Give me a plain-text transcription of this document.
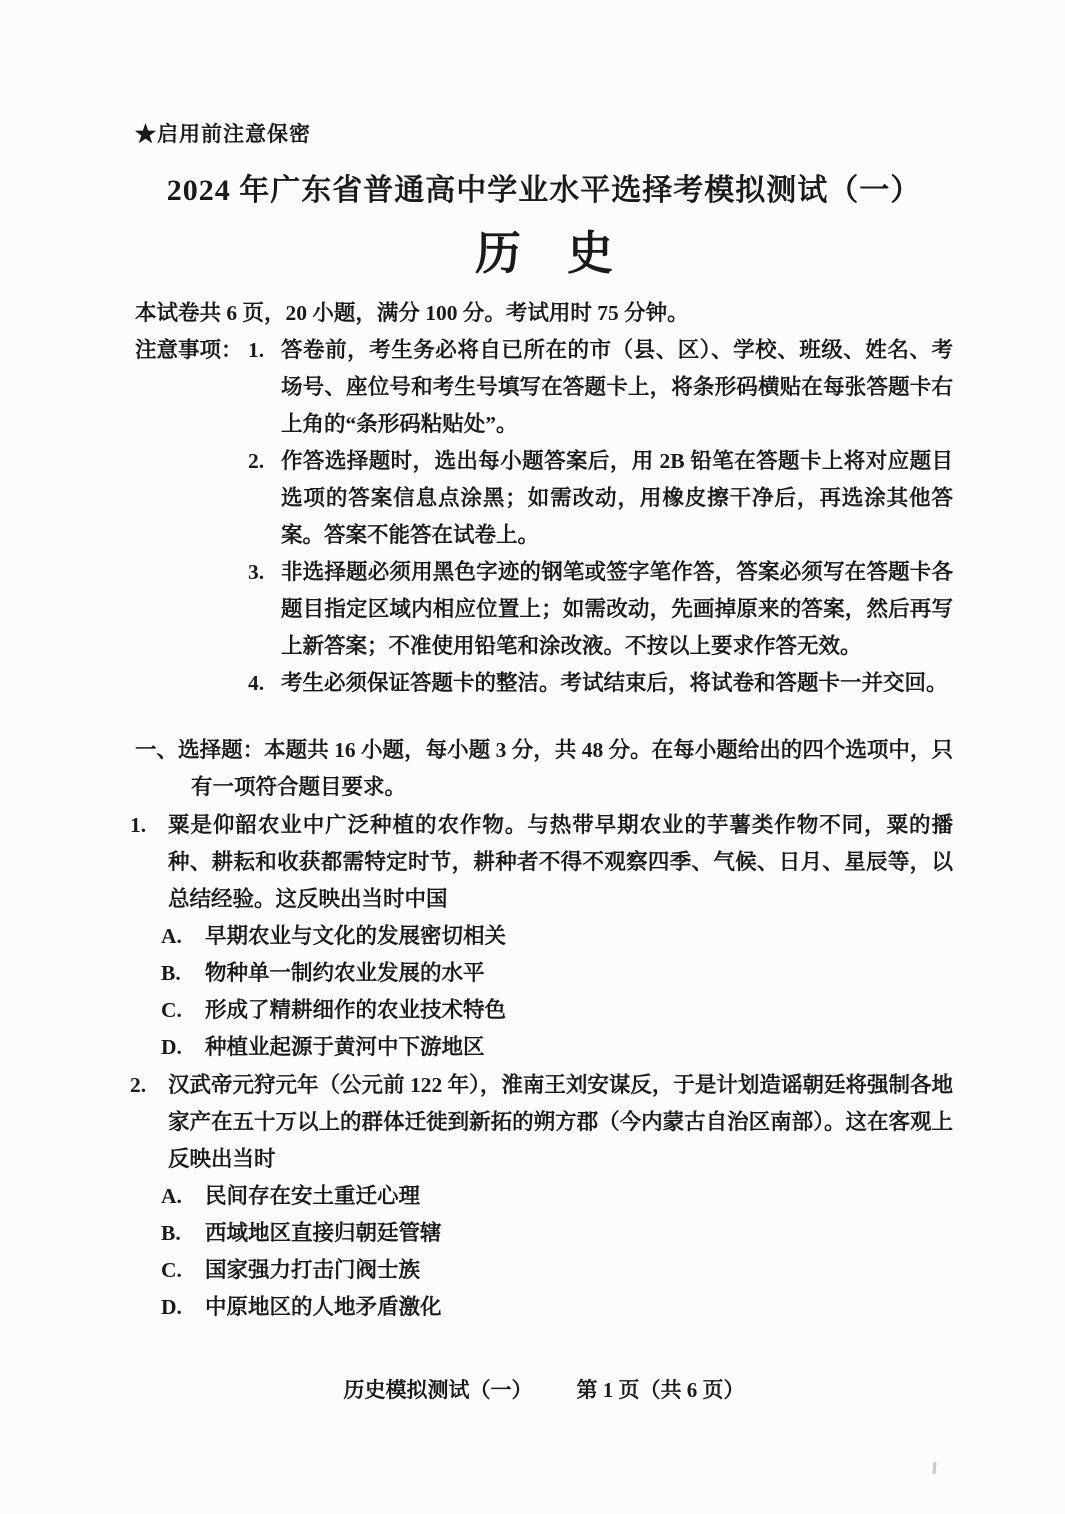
★启用前注意保密
2024 年广东省普通高中学业水平选择考模拟测试（一）
历　史
本试卷共 6 页，20 小题，满分 100 分。考试用时 75 分钟。
注意事项： 1. 答卷前，考生务必将自已所在的市（县、区）、学校、班级、姓名、考场号、座位号和考生号填写在答题卡上，将条形码横贴在每张答题卡右上角的“条形码粘贴处”。
2. 作答选择题时，选出每小题答案后，用 2B 铅笔在答题卡上将对应题目选项的答案信息点涂黑；如需改动，用橡皮擦干净后，再选涂其他答案。答案不能答在试卷上。
3. 非选择题必须用黑色字迹的钢笔或签字笔作答，答案必须写在答题卡各题目指定区域内相应位置上；如需改动，先画掉原来的答案，然后再写上新答案；不准使用铅笔和涂改液。不按以上要求作答无效。
4. 考生必须保证答题卡的整洁。考试结束后，将试卷和答题卡一并交回。
一、选择题：本题共 16 小题，每小题 3 分，共 48 分。在每小题给出的四个选项中，只有一项符合题目要求。
1.	粟是仰韶农业中广泛种植的农作物。与热带早期农业的芋薯类作物不同，粟的播种、耕耘和收获都需特定时节，耕种者不得不观察四季、气候、日月、星辰等，以总结经验。这反映出当时中国
A.	早期农业与文化的发展密切相关
B.	物种单一制约农业发展的水平
C.	形成了精耕细作的农业技术特色
D.	种植业起源于黄河中下游地区
2.	汉武帝元狩元年（公元前 122 年），淮南王刘安谋反，于是计划造谣朝廷将强制各地家产在五十万以上的群体迁徙到新拓的朔方郡（今内蒙古自治区南部）。这在客观上反映出当时
A.	民间存在安土重迁心理
B.	西域地区直接归朝廷管辖
C.	国家强力打击门阀士族
D.	中原地区的人地矛盾激化
历史模拟测试（一） 第 1 页（共 6 页）
